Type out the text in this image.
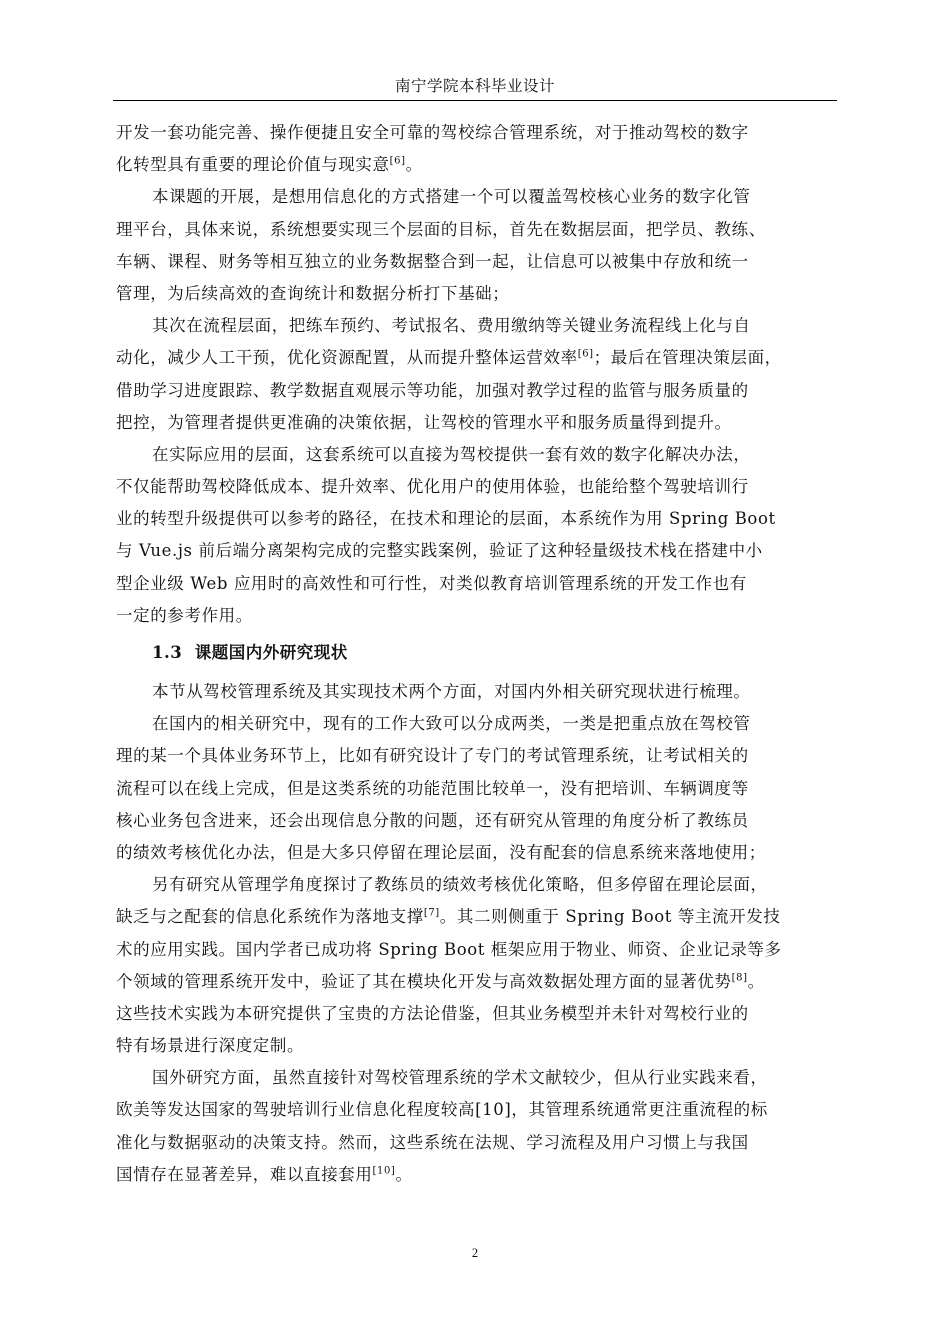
南宁学院本科毕业设计
开发一套功能完善、操作便捷且安全可靠的驾校综合管理系统，对于推动驾校的数字
化转型具有重要的理论价值与现实意[6]。
本课题的开展，是想用信息化的方式搭建一个可以覆盖驾校核心业务的数字化管
理平台，具体来说，系统想要实现三个层面的目标，首先在数据层面，把学员、教练、
车辆、课程、财务等相互独立的业务数据整合到一起，让信息可以被集中存放和统一
管理，为后续高效的查询统计和数据分析打下基础；
其次在流程层面，把练车预约、考试报名、费用缴纳等关键业务流程线上化与自
动化，减少人工干预，优化资源配置，从而提升整体运营效率[6]；最后在管理决策层面，
借助学习进度跟踪、教学数据直观展示等功能，加强对教学过程的监管与服务质量的
把控，为管理者提供更准确的决策依据，让驾校的管理水平和服务质量得到提升。
在实际应用的层面，这套系统可以直接为驾校提供一套有效的数字化解决办法，
不仅能帮助驾校降低成本、提升效率、优化用户的使用体验，也能给整个驾驶培训行
业的转型升级提供可以参考的路径，在技术和理论的层面，本系统作为用 Spring Boot
与 Vue.js 前后端分离架构完成的完整实践案例，验证了这种轻量级技术栈在搭建中小
型企业级 Web 应用时的高效性和可行性，对类似教育培训管理系统的开发工作也有
一定的参考作用。
1.3 课题国内外研究现状
本节从驾校管理系统及其实现技术两个方面，对国内外相关研究现状进行梳理。
在国内的相关研究中，现有的工作大致可以分成两类，一类是把重点放在驾校管
理的某一个具体业务环节上，比如有研究设计了专门的考试管理系统，让考试相关的
流程可以在线上完成，但是这类系统的功能范围比较单一，没有把培训、车辆调度等
核心业务包含进来，还会出现信息分散的问题，还有研究从管理的角度分析了教练员
的绩效考核优化办法，但是大多只停留在理论层面，没有配套的信息系统来落地使用；
另有研究从管理学角度探讨了教练员的绩效考核优化策略，但多停留在理论层面，
缺乏与之配套的信息化系统作为落地支撑[7]。其二则侧重于 Spring Boot 等主流开发技
术的应用实践。国内学者已成功将 Spring Boot 框架应用于物业、师资、企业记录等多
个领域的管理系统开发中，验证了其在模块化开发与高效数据处理方面的显著优势[8]。
这些技术实践为本研究提供了宝贵的方法论借鉴，但其业务模型并未针对驾校行业的
特有场景进行深度定制。
国外研究方面，虽然直接针对驾校管理系统的学术文献较少，但从行业实践来看，
欧美等发达国家的驾驶培训行业信息化程度较高[10]，其管理系统通常更注重流程的标
准化与数据驱动的决策支持。然而，这些系统在法规、学习流程及用户习惯上与我国
国情存在显著差异，难以直接套用[10]。
2
